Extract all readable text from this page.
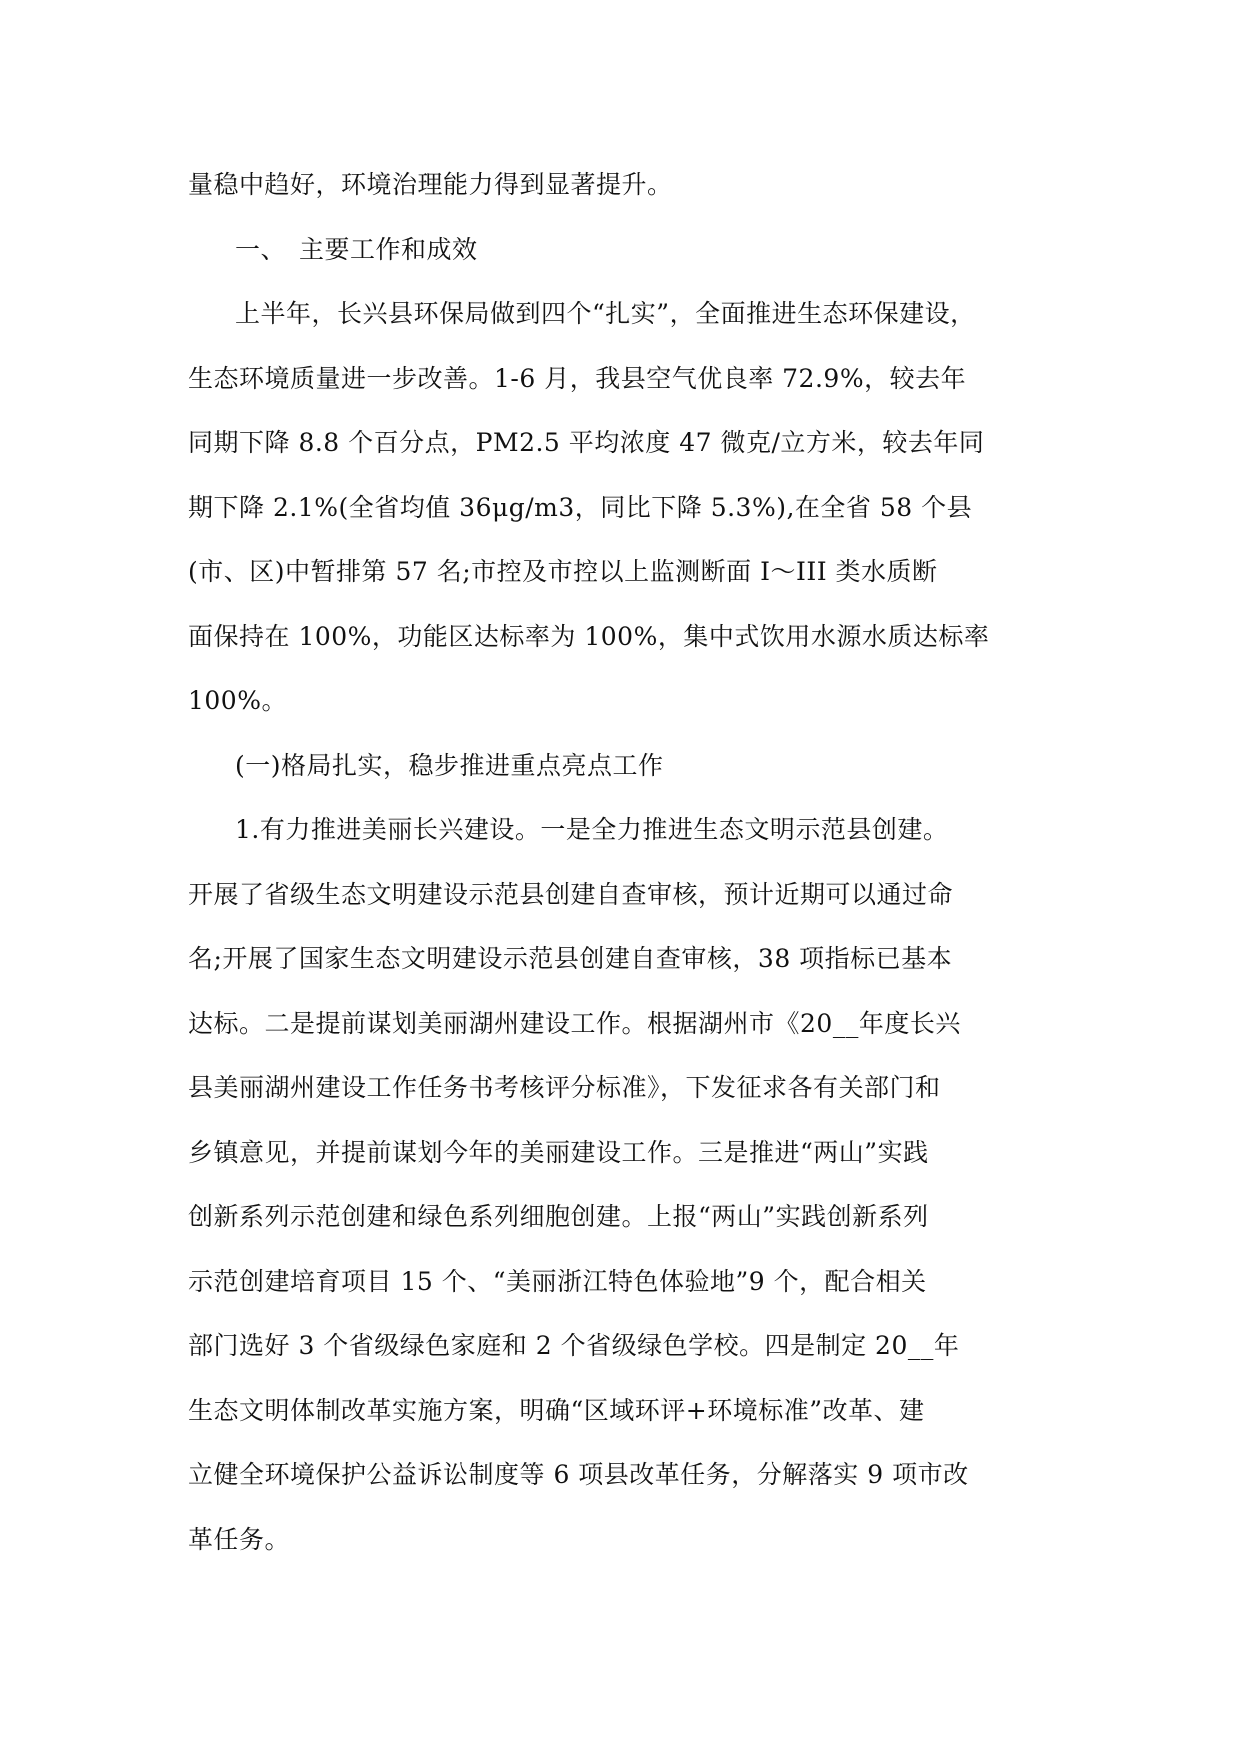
量稳中趋好，环境治理能力得到显著提升。
一、　主要工作和成效
上半年，长兴县环保局做到四个“扎实”，全面推进生态环保建设，
生态环境质量进一步改善。1-6 月，我县空气优良率 72.9%，较去年
同期下降 8.8 个百分点，PM2.5 平均浓度 47 微克/立方米，较去年同
期下降 2.1%(全省均值 36μg/m3，同比下降 5.3%),在全省 58 个县
(市、区)中暂排第 57 名;市控及市控以上监测断面 I～III 类水质断
面保持在 100%，功能区达标率为 100%，集中式饮用水源水质达标率
100%。
(一)格局扎实，稳步推进重点亮点工作
1.有力推进美丽长兴建设。一是全力推进生态文明示范县创建。
开展了省级生态文明建设示范县创建自查审核，预计近期可以通过命
名;开展了国家生态文明建设示范县创建自查审核，38 项指标已基本
达标。二是提前谋划美丽湖州建设工作。根据湖州市《20__年度长兴
县美丽湖州建设工作任务书考核评分标准》，下发征求各有关部门和
乡镇意见，并提前谋划今年的美丽建设工作。三是推进“两山”实践
创新系列示范创建和绿色系列细胞创建。上报“两山”实践创新系列
示范创建培育项目 15 个、“美丽浙江特色体验地”9 个，配合相关
部门选好 3 个省级绿色家庭和 2 个省级绿色学校。四是制定 20__年
生态文明体制改革实施方案，明确“区域环评+环境标准”改革、建
立健全环境保护公益诉讼制度等 6 项县改革任务，分解落实 9 项市改
革任务。
